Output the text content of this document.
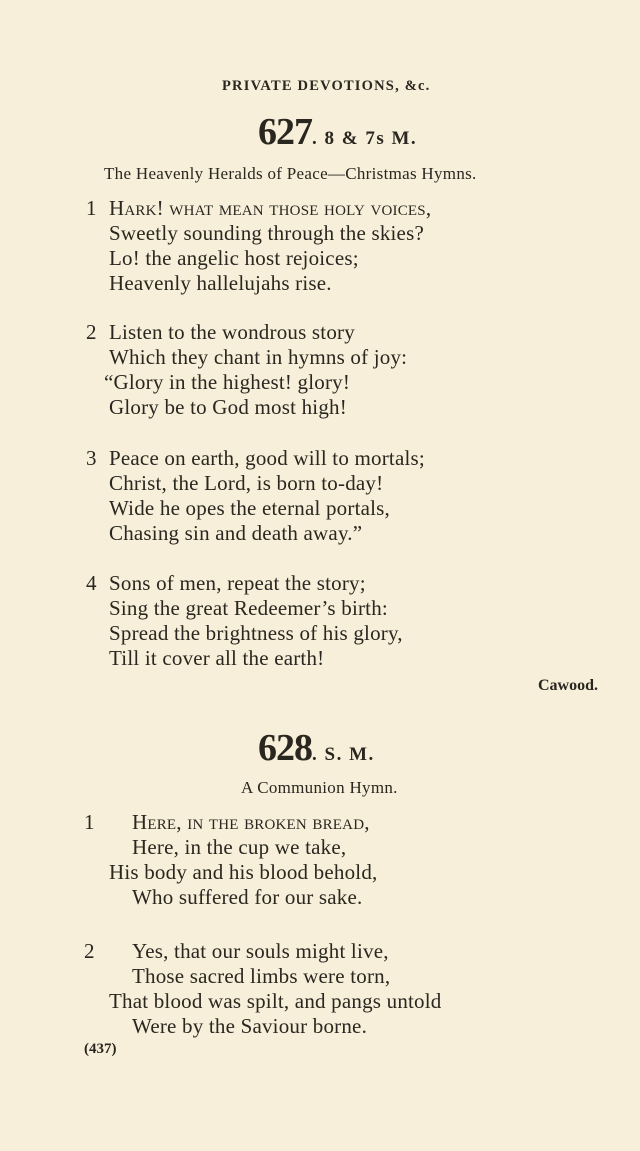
PRIVATE DEVOTIONS, &c.
627. 8 & 7s M.
The Heavenly Heralds of Peace—Christmas Hymns.
1 Hark! what mean those holy voices,
Sweetly sounding through the skies?
Lo! the angelic host rejoices;
Heavenly hallelujahs rise.
2 Listen to the wondrous story
Which they chant in hymns of joy:
“Glory in the highest! glory!
Glory be to God most high!
3 Peace on earth, good will to mortals;
Christ, the Lord, is born to-day!
Wide he opes the eternal portals,
Chasing sin and death away.”
4 Sons of men, repeat the story;
Sing the great Redeemer’s birth:
Spread the brightness of his glory,
Till it cover all the earth!
Cawood.
628. S. M.
A Communion Hymn.
1 Here, in the broken bread,
Here, in the cup we take,
His body and his blood behold,
Who suffered for our sake.
2 Yes, that our souls might live,
Those sacred limbs were torn,
That blood was spilt, and pangs untold
Were by the Saviour borne.
(437)
